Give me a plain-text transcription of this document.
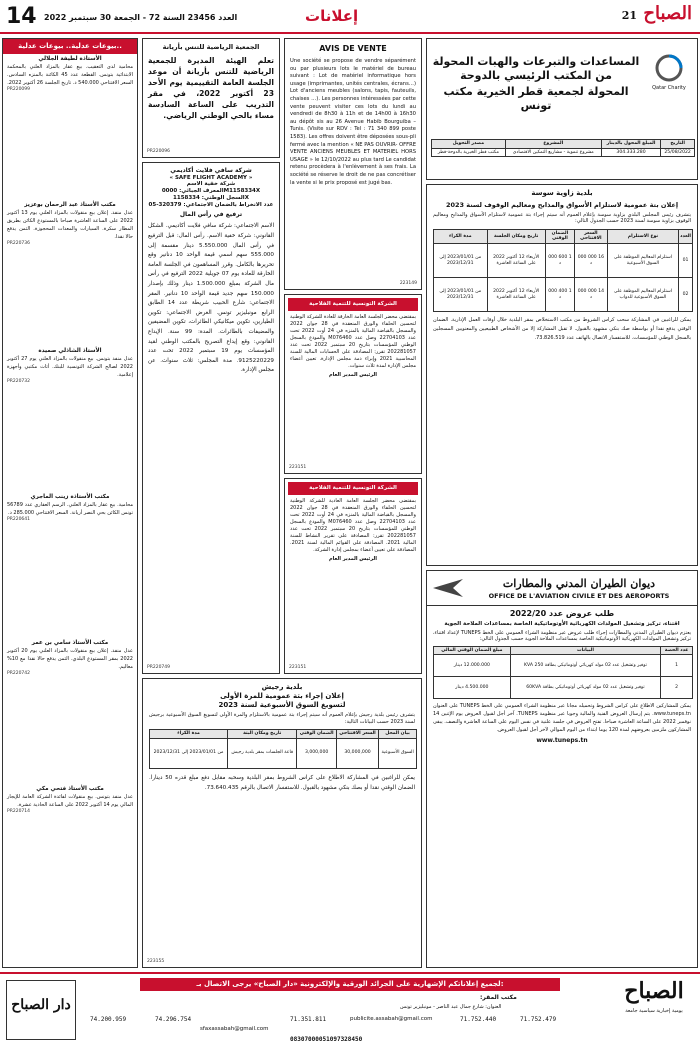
14 العدد 23456 السنة 72 - الجمعة 30 سبتمبر 2022	إعلانات	الصباح 21
Qatar Charity
المساعدات والتبرعات والهبات المحولة من المكتب الرئيسي بالدوحة
المحولة لجمعية قطر الخيرية مكتب تونس
التاريخ	المبلغ المحول بالدينار	المشروع	مصدر التحويل
25/08/2022	304.333.280	مشروع تنموية - مشاريع التمكين الاقتصادي	مكتب قطر الخيرية بالدوحة-قطر
بلدية زاوية سوسة
إعلان بتة عمومية لاستلزام الأسواق والمذابح ومعاليم الوقوف لسنة 2023
يتشرف رئيس المجلس البلدي بزاوية سوسة بإعلام العموم أنه سيتم إجراء بتة عمومية لاستلزام الأسواق والمذابح ومعاليم الوقوف بزاوية سوسة لسنة 2023 حسب الجدول التالي:
العدد	نوع الاستلزام	السعر الافتتاحي	الضمان الوقتي	تاريخ ومكان الجلسة	مدة الكراء
01	استلزام المعاليم الموظفة على السوق الأسبوعية	16 000 000 د	1 600 000 د	الأربعاء 12 أكتوبر 2022 على الساعة العاشرة	من 2023/01/01 إلى 2023/12/31
02	استلزام المعاليم الموظفة على السوق الأسبوعية للدواب	14 000 000 د	1 400 000 د	الأربعاء 12 أكتوبر 2022 على الساعة العاشرة	من 2023/01/01 إلى 2023/12/31
يمكن للراغبين في المشاركة سحب كراس الشروط من مكتب الاستخلاص بمقر البلدية خلال أوقات العمل الإدارية. الضمان الوقتي يدفع نقدا أو بواسطة صك بنكي مشهود بالقبول. لا تقبل المشاركة إلا من الأشخاص الطبيعيين والمعنويين المسجلين بالسجل الوطني للمؤسسات. للاستفسار الاتصال بالهاتف عدد 73.826.519.
ديوان الطيران المدني والمطارات
OFFICE DE L'AVIATION CIVILE ET DES AEROPORTS
طلب عروض عدد 2022/20
اقتناء، تركيز وتشغيل المولدات الكهربائية الأوتوماتيكية الخاصة بمساعدات الملاحة الجوية
يعتزم ديوان الطيران المدني والمطارات إجراء طلب عروض عبر منظومة الشراء العمومي على الخط TUNEPS لإعداد اقتناء، تركيز وتشغيل المولدات الكهربائية الأوتوماتيكية الخاصة بمساعدات الملاحة الجوية حسب الجدول التالي:
عدد الحصة	البيانات	مبلغ الضمان الوقتي المالي
1	توفير وتشغيل عدد 02 مولد كهربائي أوتوماتيكي بطاقة 250 KVA	12.000.000 دينار
2	توفير وتشغيل عدد 02 مولد كهربائي أوتوماتيكي بطاقة 60KVA	4.500.000 دينار
يمكن للمشاركين الاطلاع على كراس الشروط وتحميله مجانا عبر منظومة الشراء العمومي على الخط TUNEPS على العنوان www.tuneps.tn. يتم إرسال العروض الفنية والمالية وجوبا عبر منظومة TUNEPS. آخر أجل لقبول العروض يوم الإثنين 14 نوفمبر 2022 على الساعة العاشرة صباحا. تفتح العروض في جلسة علنية في نفس اليوم على الساعة العاشرة والنصف. يبقى المشاركون ملزمين بعروضهم لمدة 120 يوما ابتداء من اليوم الموالي لآخر أجل لقبول العروض.
www.tuneps.tn
AVIS DE VENTE
Une société se propose de vendre séparément ou par plusieurs lots le matériel de bureau suivant : Lot de matériel informatique hors usage (imprimantes, unités centrales, écrans…) Lot d'anciens meubles (salons, tapis, fauteuils, chaises …). Les personnes intéressées par cette vente peuvent visiter ces lots du lundi au vendredi de 8h30 à 11h et de 14h00 à 16h30 au dépôt sis au 26 Avenue Habib Bourguiba – Tunis. (Visite sur RDV : Tel : 71 340 899 poste 1583). Les offres doivent être déposées sous-pli fermé avec la mention « NE PAS OUVRIR- OFFRE VENTE ANCIENS MEUBLES ET MATERIEL HORS USAGE » le 12/10/2022 au plus tard Le candidat retenu procèdera à l'enlèvement à ses frais. La société se réserve le droit de ne pas concrétiser la vente si le prix proposé est jugé bas.
223149
الشركة التونسية للتنمية الفلاحية
بمقتضى محضر الجلسة العامة الخارقة للعادة للشركة الوطنية لتحسين الحلفاء والورق المنعقدة في 28 جوان 2022 والمسجل بالقباضة المالية بالمنزه في 24 أوت 2022 تحت عدد 22704103 وصل عدد M076460 والمودع بالسجل الوطني للمؤسسات بتاريخ 20 سبتمبر 2022 تحت عدد 202281057 تقرر: المصادقة على الحسابات المالية للسنة المحاسبية 2021 وإبراء ذمة مجلس الإدارة. تعيين أعضاء مجلس الإدارة لمدة ثلاث سنوات.
الرئيس المدير العام
223151
الشركة التونسية للتنمية الفلاحية
بمقتضى محضر الجلسة العامة العادية للشركة الوطنية لتحسين الحلفاء والورق المنعقدة في 28 جوان 2022 والمسجل بالقباضة المالية بالمنزه في 24 أوت 2022 تحت عدد 22704103 وصل عدد M076460 والمودع بالسجل الوطني للمؤسسات بتاريخ 20 سبتمبر 2022 تحت عدد 202281057 تقرر: المصادقة على تقرير النشاط للسنة المالية 2021. المصادقة على القوائم المالية لسنة 2021. المصادقة على تعيين أعضاء بمجلس إدارة الشركة.
الرئيس المدير العام
223151
الجمعية الرياضية للتنس بأريانة
تعلم الهيئة المديرة للجمعية الرياضية للتنس بأريانة أن موعد الجلسة العامة التقييمية يوم الأحد 23 أكتوبر 2022، في مقر التدريب على الساعة السادسة مساء بالحي الوطني الرياضي.
PR220096
شركة سافي فلايت أكاديمي
« SAFE FLIGHT ACADEMY »
شركة خفية الاسم
المعرف الجبائي: 0000M1158334X
السجل الوطني: 1158334X
عدد الانخراط بالضمان الاجتماعي: 320379-05
ترفيع في رأس المال
الاسم الاجتماعي: شركة سافي فلايت أكاديمي. الشكل القانوني: شركة خفية الاسم. رأس المال: قبل الترفيع في رأس المال 5.550.000 دينار مقسمة إلى 555.000 سهم اسمي قيمة الواحد 10 دنانير وقع تحريرها بالكامل. وقرر المساهمون في الجلسة العامة الخارقة للعادة يوم 07 جويلية 2022 الترفيع في رأس مال الشركة بمبلغ 1.500.000 دينار وذلك بإصدار 150.000 سهم جديد قيمة الواحد 10 دنانير. المقر الاجتماعي: شارع الحبيب شريطة عدد 14 الطابق الرابع مونبليزير تونس. الغرض الاجتماعي: تكوين الطيارين، تكوين ميكانيكي الطائرات، تكوين المضيفين والمضيفات بالطائرات. المدة: 99 سنة. الإيداع القانوني: وقع إيداع التصريح بالمكتب الوطني لقيد المؤسسات يوم 19 سبتمبر 2022 تحت عدد 9125220229. مدة المجلس: ثلاث سنوات. عن مجلس الإدارة.
PR220749
بلدية رجيش
إعلان إجراء بتة عمومية للمرة الأولى
لتسويغ السوق الأسبوعية لسنة 2023
يتشرف رئيس بلدية رجيش بإعلام العموم أنه سيتم إجراء بتة عمومية بالاستلزام والمرة الأولى لتسويغ السوق الأسبوعية برجيش لسنة 2023 حسب البيانات التالية:
بيان المحل	السعر الافتتاحي	الضمان الوقتي	تاريخ ومكان البتة	مدة الكراء
السوق الأسبوعية	30,000,000	3,000,000	قاعة الجلسات بمقر بلدية رجيش	من 2023/01/01 إلى 2023/12/31
يمكن للراغبين في المشاركة الاطلاع على كراس الشروط بمقر البلدية وسحبه مقابل دفع مبلغ قدره 50 دينارا. الضمان الوقتي نقدا أو بصك بنكي مشهود بالقبول. للاستفسار الاتصال بالرقم 73.640.435.
223155
بيوعات عدلية.. بيوعات عدلية..
الأستاذة لطيفة الجلالي
محامية لدى التعقيب. بيع عقار بالمزاد العلني بالمحكمة الابتدائية بتونس. القطعة عدد 45 الكائنة بالمنزه السادس. السعر الافتتاحي 540.000 د. تاريخ الجلسة 26 أكتوبر 2022.
PR220099
مكتب الأستاذ عبد الرحمان بوعزيز
عدل منفذ. إعلان بيع منقولات بالمزاد العلني يوم 13 أكتوبر 2022 على الساعة العاشرة صباحا بالمستودع الكائن بطريق المطار سكرة. السيارات والمعدات المحجوزة. الثمن يدفع حالا نقدا.
PR220736
الأستاذ الشاذلي صميدة
عدل منفذ بتونس. بيع منقولات بالمزاد العلني يوم 27 أكتوبر 2022 لصالح الشركة التونسية للبنك. أثاث مكتبي وأجهزة إعلامية.
PR220732
مكتب الأستاذة زينب الماجري
محامية. بيع عقار بالمزاد العلني. الرسم العقاري عدد 56789 تونس الكائن بحي النصر أريانة. السعر الافتتاحي 285.000 د.
PR220641
مكتب الأستاذ سامي بن عمر
عدل منفذ. إعلان بيع منقولات بالمزاد العلني يوم 20 أكتوبر 2022 بمقر المستودع البلدي. الثمن يدفع حالا نقدا مع 10% معاليم.
PR220742
مكتب الأستاذ فتحي مكي
عدل منفذ بتونس. بيع منقولات لفائدة الشركة العامة للإيجار المالي يوم 14 أكتوبر 2022 على الساعة الحادية عشرة.
PR220714
لجميع إعلاناتكم الإشهارية على الجرائد الورقية والإلكترونية «دار الصباح» يرجى الاتصال بـ:	الصباح
يومية إخبارية سياسية جامعة
دار الصباح	مكتب المقر:
العنوان: شارع جمال عبد الناصر - مونبليزير تونس
71.752.479
71.752.440
74.296.754	71.351.811
74.200.959	publicite.assabah@gmail.com
sfaxassabah@gmail.com
08307000051097328450
